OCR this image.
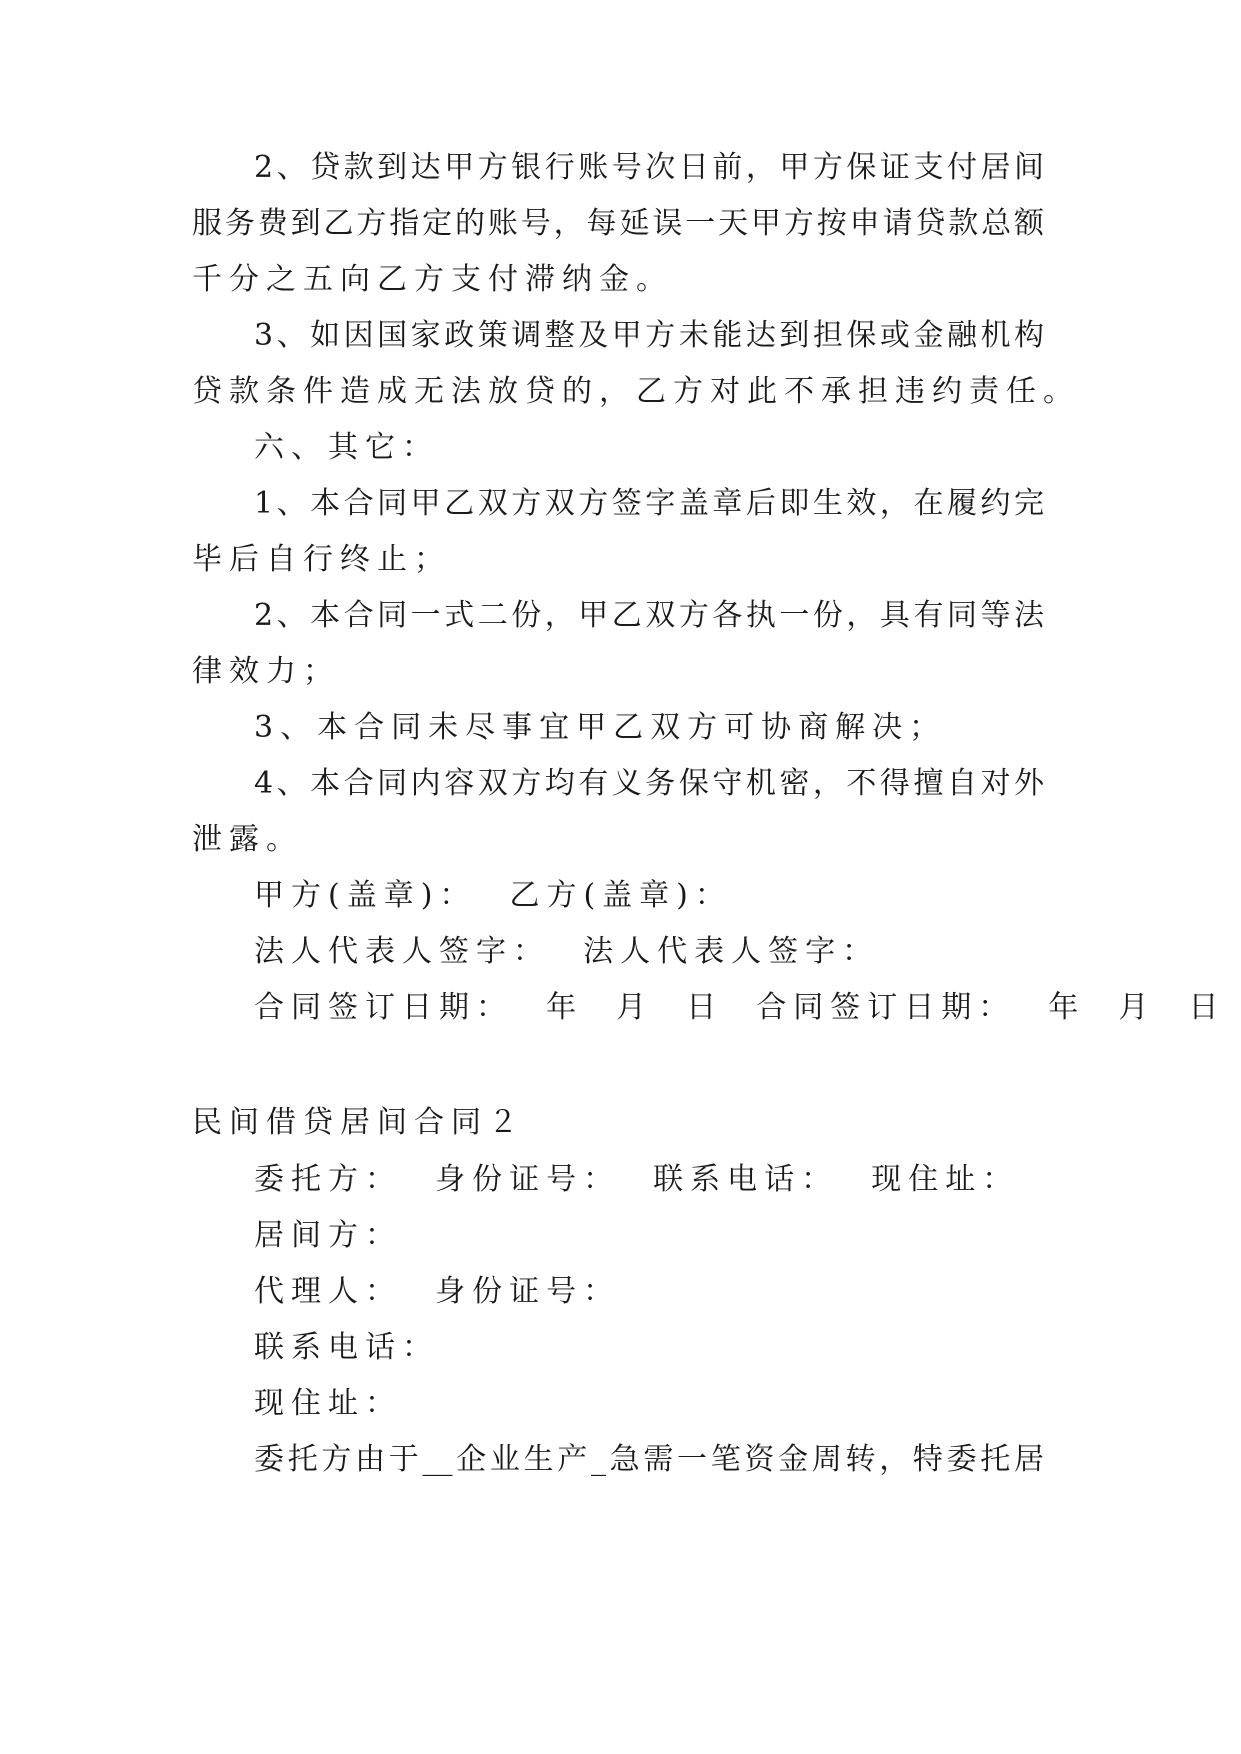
2、贷款到达甲方银行账号次日前，甲方保证支付居间
服务费到乙方指定的账号，每延误一天甲方按申请贷款总额
千分之五向乙方支付滞纳金。
3、如因国家政策调整及甲方未能达到担保或金融机构
贷款条件造成无法放贷的，乙方对此不承担违约责任。
六、其它：
1、本合同甲乙双方双方签字盖章后即生效，在履约完
毕后自行终止；
2、本合同一式二份，甲乙双方各执一份，具有同等法
律效力；
3、本合同未尽事宜甲乙双方可协商解决；
4、本合同内容双方均有义务保守机密，不得擅自对外
泄露。
甲方(盖章)：  乙方(盖章)：
法人代表人签字：  法人代表人签字：
合同签订日期：  年  月  日  合同签订日期：  年  月  日
民间借贷居间合同２
委托方：  身份证号：  联系电话：  现住址：
居间方：
代理人：  身份证号：
联系电话：
现住址：
委托方由于__企业生产_急需一笔资金周转，特委托居
